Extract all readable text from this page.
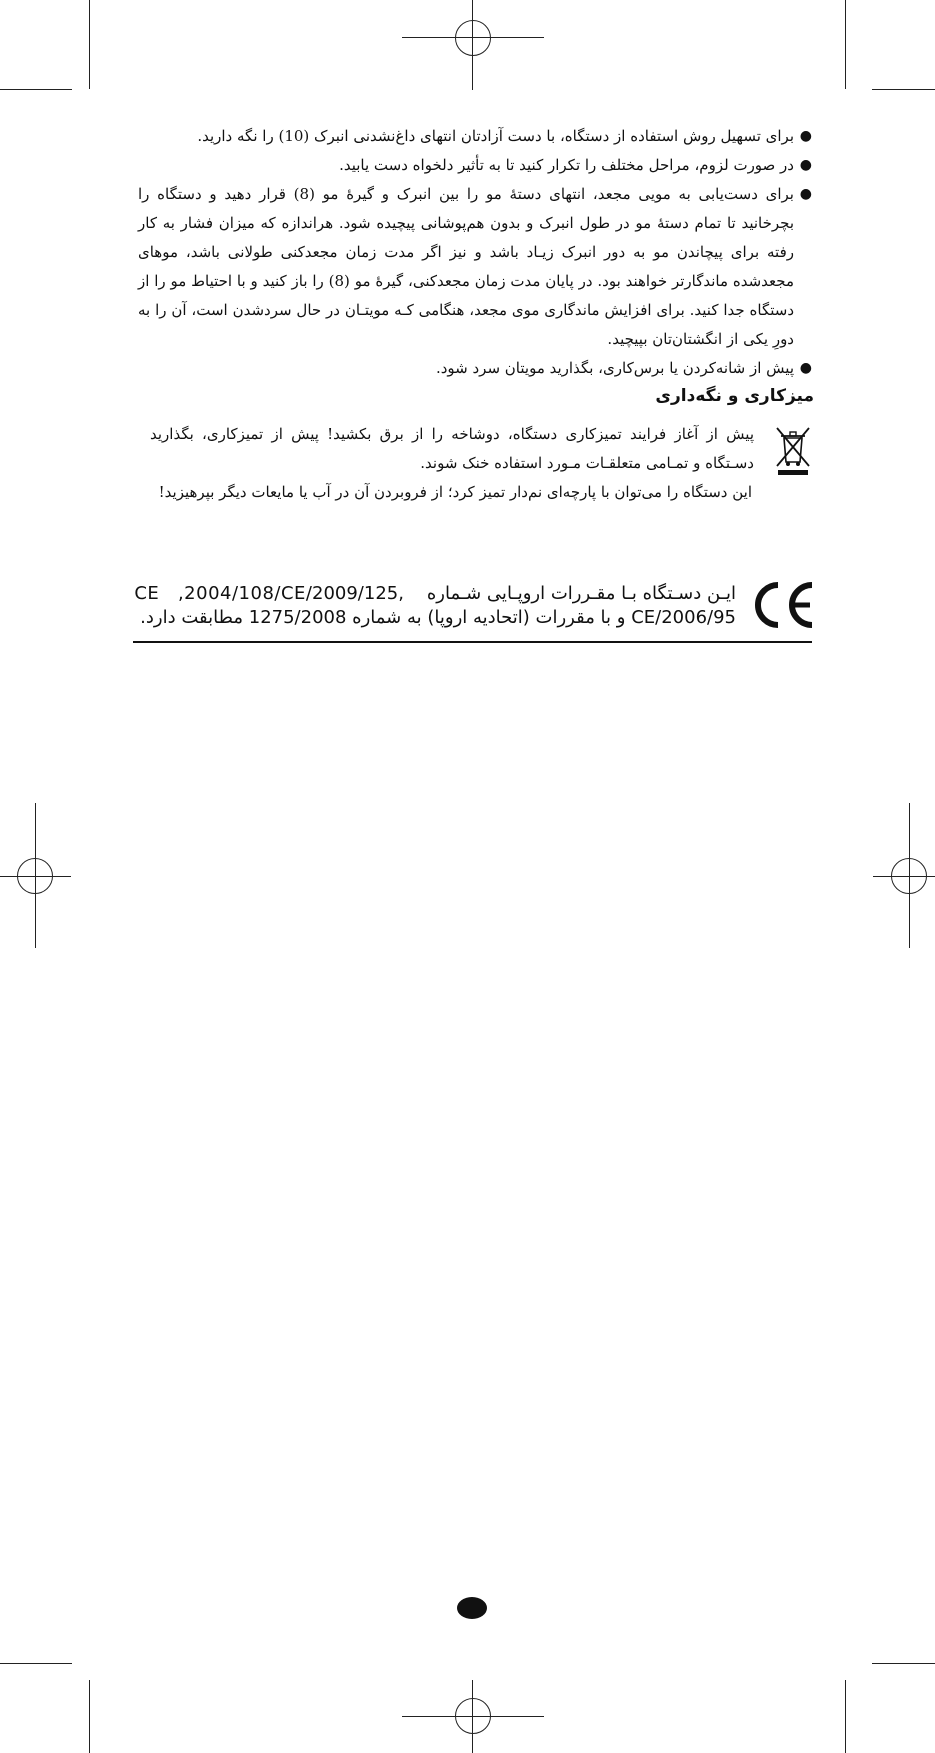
●
برای تسهیل روش استفاده از دستگاه، با دست آزادتان انتهای داغ‌نشدنی انبرک (10) را نگه دارید.
●
در صورت لزوم، مراحل مختلف را تکرار کنید تا به تأثیر دلخواه دست یابید.
●
برای دست‌یابی به مویی مجعد، انتهای دستهٔ مو را بین انبرک و گیرهٔ مو (8) قرار دهید و دستگاه را بچرخانید تا تمام دستهٔ مو در طول انبرک و بدون هم‌پوشانی پیچیده شود. هراندازه که میزان فشار به کار رفته برای پیچاندن مو به دور انبرک زیـاد باشد و نیز اگر مدت زمان مجعدکنی طولانی باشد، موهای مجعدشده ماندگارتر خواهند بود. در پایان مدت زمان مجعدکنی، گیرهٔ مو (8) را باز کنید و با احتیاط مو را از دستگاه جدا کنید. برای افزایش ماندگاری موی مجعد، هنگامی کـه مویتـان در حال سردشدن است، آن را به دورِ یکی از انگشتان‌تان بپیچید.
●
پیش از شانه‌کردن یا برس‌کاری، بگذارید مویتان سرد شود.
میزکاری و نگه‌داری

پیش از آغاز فرایند تمیزکاری دستگاه، دوشاخه را از برق بکشید! پیش از تمیزکاری، بگذارید دسـتگاه و تمـامی متعلقـات مـورد استفاده خنک شوند.

این دستگاه را می‌توان با پارچه‌ای نم‌دار تمیز کرد؛ از فروبردن آن در آب یا مایعات دیگر بپرهیزید!

ایـن دسـتگاه بـا مقـررات اروپـایی شـماره    ,2009/125/CE   ,2004/108/CE

2006/95/CE و با مقررات (اتحادیه اروپا) به شماره 1275/2008 مطابقت دارد.
